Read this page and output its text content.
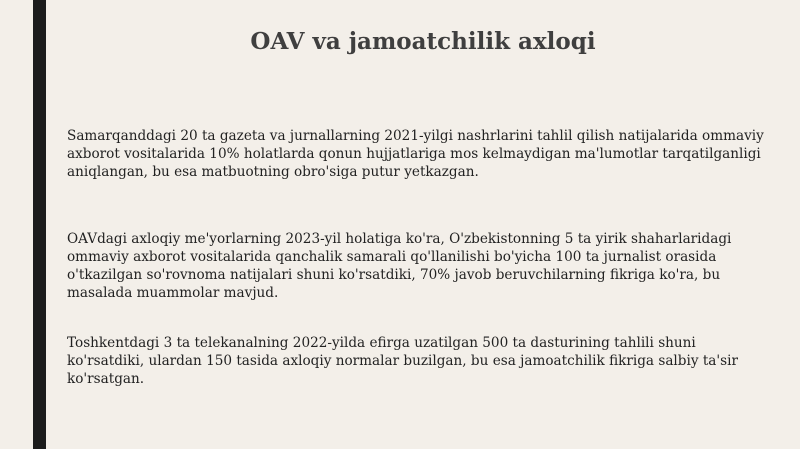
OAV va jamoatchilik axloqi

Samarqanddagi 20 ta gazeta va jurnallarning 2021-yilgi nashrlarini tahlil qilish natijalarida ommaviy axborot vositalarida 10% holatlarda qonun hujjatlariga mos kelmaydigan ma'lumotlar tarqatilganligi aniqlangan, bu esa matbuotning obro'siga putur yetkazgan.

OAVdagi axloqiy me'yorlarning 2023-yil holatiga ko'ra, O'zbekistonning 5 ta yirik shaharlaridagi ommaviy axborot vositalarida qanchalik samarali qo'llanilishi bo'yicha 100 ta jurnalist orasida o'tkazilgan so'rovnoma natijalari shuni ko'rsatdiki, 70% javob beruvchilarning fikriga ko'ra, bu masalada muammolar mavjud.

Toshkentdagi 3 ta telekanalning 2022-yilda efirga uzatilgan 500 ta dasturining tahlili shuni ko'rsatdiki, ulardan 150 tasida axloqiy normalar buzilgan, bu esa jamoatchilik fikriga salbiy ta'sir ko'rsatgan.
